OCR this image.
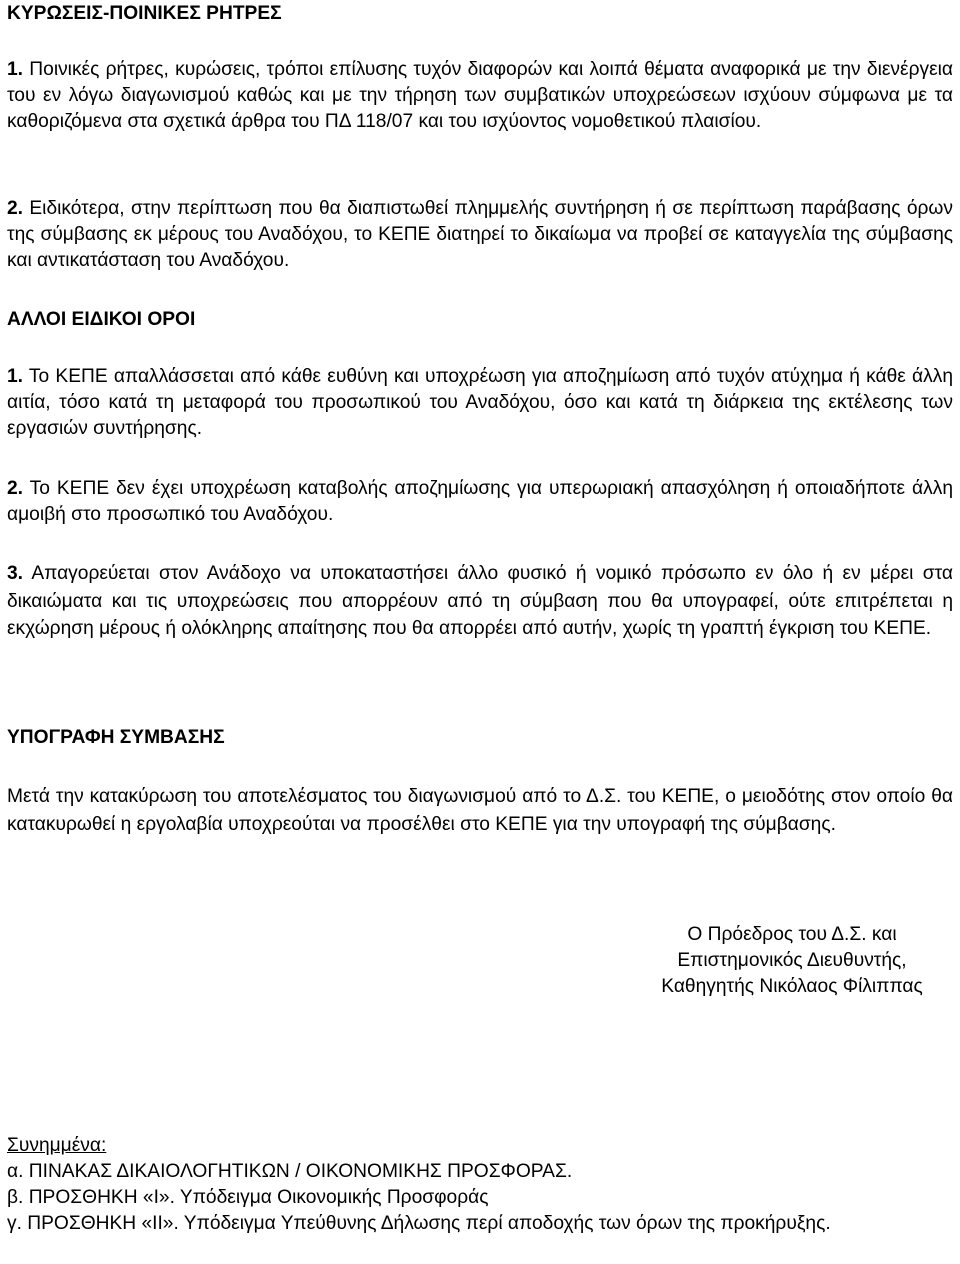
ΚΥΡΩΣΕΙΣ-ΠΟΙΝΙΚΕΣ ΡΗΤΡΕΣ

1. Ποινικές ρήτρες, κυρώσεις, τρόποι επίλυσης τυχόν διαφορών και λοιπά θέματα αναφορικά με την διενέργεια του εν λόγω διαγωνισμού καθώς και με την τήρηση των συμβατικών υποχρεώσεων ισχύουν σύμφωνα με τα καθοριζόμενα στα σχετικά άρθρα του ΠΔ 118/07 και του ισχύοντος νομοθετικού πλαισίου.

2. Ειδικότερα, στην περίπτωση που θα διαπιστωθεί πλημμελής συντήρηση ή σε περίπτωση παράβασης όρων της σύμβασης εκ μέρους του Αναδόχου, το ΚΕΠΕ διατηρεί το δικαίωμα να προβεί σε καταγγελία της σύμβασης και αντικατάσταση του Αναδόχου.

ΑΛΛΟΙ ΕΙΔΙΚΟΙ ΟΡΟΙ

1. Το ΚΕΠΕ απαλλάσσεται από κάθε ευθύνη και υποχρέωση για αποζημίωση από τυχόν ατύχημα ή κάθε άλλη αιτία, τόσο κατά τη μεταφορά του προσωπικού του Αναδόχου, όσο και κατά τη διάρκεια της εκτέλεσης των εργασιών συντήρησης.

2. Το ΚΕΠΕ δεν έχει υποχρέωση καταβολής αποζημίωσης για υπερωριακή απασχόληση ή οποιαδήποτε άλλη αμοιβή στο προσωπικό του Αναδόχου.

3. Απαγορεύεται στον Ανάδοχο να υποκαταστήσει άλλο φυσικό ή νομικό πρόσωπο εν όλο ή εν μέρει στα δικαιώματα και τις υποχρεώσεις που απορρέουν από τη σύμβαση που θα υπογραφεί, ούτε επιτρέπεται η εκχώρηση μέρους ή ολόκληρης απαίτησης που θα απορρέει από αυτήν, χωρίς τη γραπτή έγκριση του ΚΕΠΕ.

ΥΠΟΓΡΑΦΗ ΣΥΜΒΑΣΗΣ

Μετά την κατακύρωση του αποτελέσματος του διαγωνισμού από το Δ.Σ. του ΚΕΠΕ, ο μειοδότης στον οποίο θα κατακυρωθεί η εργολαβία υποχρεούται να προσέλθει στο ΚΕΠΕ για την υπογραφή της σύμβασης.

Ο Πρόεδρος του Δ.Σ. και
Επιστημονικός Διευθυντής,
Καθηγητής Νικόλαος Φίλιππας
Συνημμένα:
α. ΠΙΝΑΚΑΣ ΔΙΚΑΙΟΛΟΓΗΤΙΚΩΝ / ΟΙΚΟΝΟΜΙΚΗΣ ΠΡΟΣΦΟΡΑΣ.
β. ΠΡΟΣΘΗΚΗ «Ι». Υπόδειγμα Οικονομικής Προσφοράς
γ. ΠΡΟΣΘΗΚΗ «ΙΙ». Υπόδειγμα Υπεύθυνης Δήλωσης περί αποδοχής των όρων της προκήρυξης.
